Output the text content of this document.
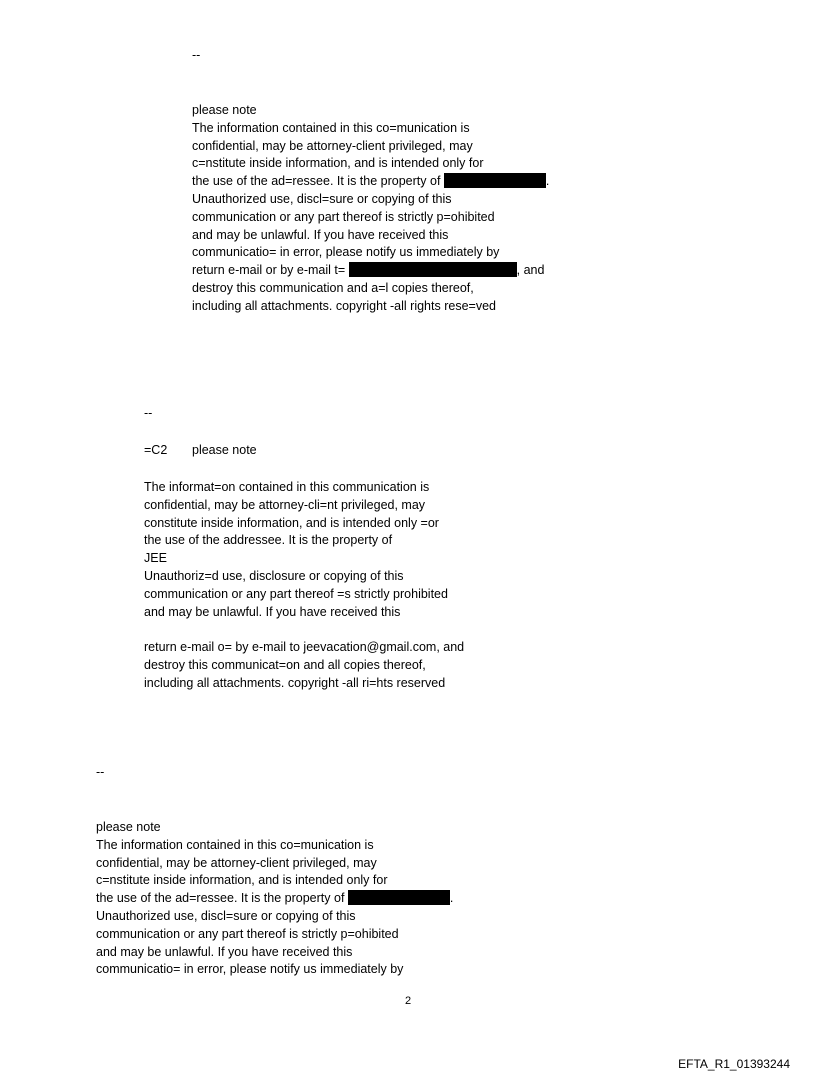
--
please note
The information contained in this co=munication is
confidential, may be attorney-client privileged, may
c=nstitute inside information, and is intended only for
the use of the ad=ressee. It is the property of	.
Unauthorized use, discl=sure or copying of this
communication or any part thereof is strictly p=ohibited
and may be unlawful. If you have received this
communicatio= in error, please notify us immediately by
return e-mail or by e-mail t=	, and
destroy this communication and a=l copies thereof,
including all attachments. copyright -all rights rese=ved
--
=C2 please note
The informat=on contained in this communication is
confidential, may be attorney-cli=nt privileged, may
constitute inside information, and is intended only =or
the use of the addressee. It is the property of
JEE
Unauthoriz=d use, disclosure or copying of this
communication or any part thereof =s strictly prohibited
and may be unlawful. If you have received this
return e-mail o= by e-mail to jeevacation@gmail.com, and
destroy this communicat=on and all copies thereof,
including all attachments. copyright -all ri=hts reserved
--
please note
The information contained in this co=munication is
confidential, may be attorney-client privileged, may
c=nstitute inside information, and is intended only for
the use of the ad=ressee. It is the property of	.
Unauthorized use, discl=sure or copying of this
communication or any part thereof is strictly p=ohibited
and may be unlawful. If you have received this
communicatio= in error, please notify us immediately by
2
EFTA_R1_01393244
